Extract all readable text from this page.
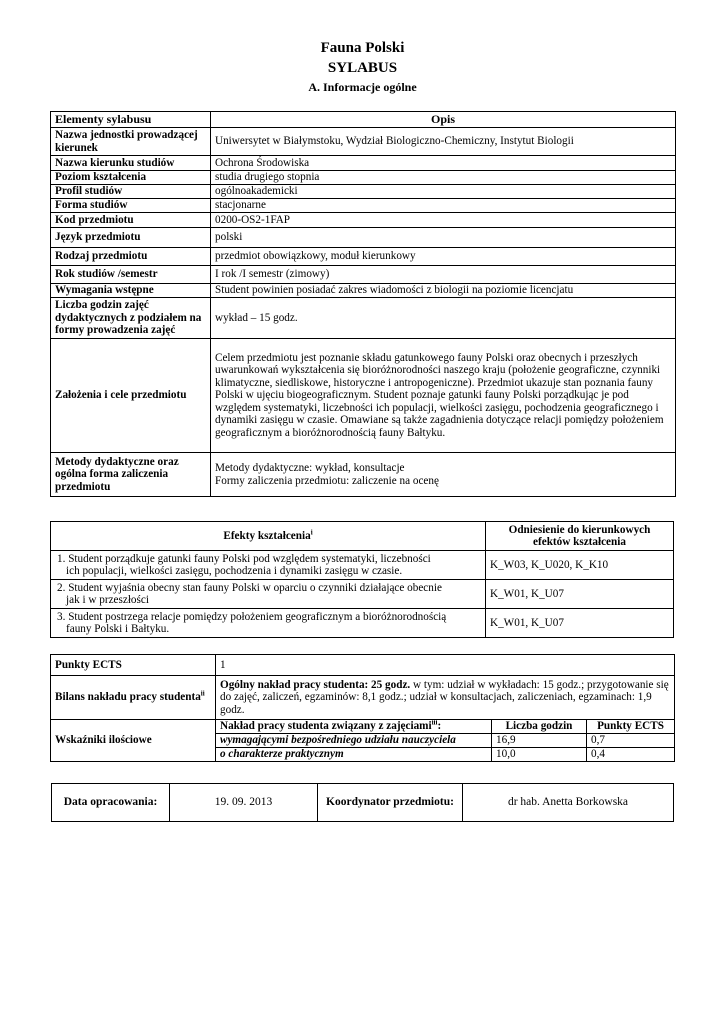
Fauna Polski
SYLABUS
A. Informacje ogólne
Elementy sylabusu	Opis
Nazwa jednostki prowadzącej kierunek	Uniwersytet w Białymstoku, Wydział Biologiczno-Chemiczny, Instytut Biologii
Nazwa kierunku studiów	Ochrona Środowiska
Poziom kształcenia	studia drugiego stopnia
Profil studiów	ogólnoakademicki
Forma studiów	stacjonarne
Kod przedmiotu	0200-OS2-1FAP
Język przedmiotu	polski
Rodzaj przedmiotu	przedmiot obowiązkowy, moduł kierunkowy
Rok studiów /semestr	I rok /I semestr (zimowy)
Wymagania wstępne	Student powinien posiadać zakres wiadomości z biologii na poziomie licencjatu
Liczba godzin zajęć dydaktycznych z podziałem na formy prowadzenia zajęć	wykład – 15 godz.
Założenia i cele przedmiotu	Celem przedmiotu jest poznanie składu gatunkowego fauny Polski oraz obecnych i przeszłych uwarunkowań wykształcenia się bioróżnorodności naszego kraju (położenie geograficzne, czynniki klimatyczne, siedliskowe, historyczne i antropogeniczne). Przedmiot ukazuje stan poznania fauny Polski w ujęciu biogeograficznym. Student poznaje gatunki fauny Polski porządkując je pod względem systematyki, liczebności ich populacji, wielkości zasięgu, pochodzenia geograficznego i dynamiki zasięgu w czasie. Omawiane są także zagadnienia dotyczące relacji pomiędzy położeniem geograficznym a bioróżnorodnością fauny Bałtyku.
Metody dydaktyczne oraz ogólna forma zaliczenia przedmiotu	Metody dydaktyczne: wykład, konsultacje
Formy zaliczenia przedmiotu: zaliczenie na ocenę
Efekty kształcenia$^i$	Odniesienie do kierunkowych efektów kształcenia
1. Student porządkuje gatunki fauny Polski pod względem systematyki, liczebności
ich populacji, wielkości zasięgu, pochodzenia i dynamiki zasięgu w czasie.	K_W03, K_U020, K_K10
2. Student wyjaśnia obecny stan fauny Polski w oparciu o czynniki działające obecnie
jak i w przeszłości	K_W01, K_U07
3. Student postrzega relacje pomiędzy położeniem geograficznym a bioróżnorodnością
fauny Polski i Bałtyku.	K_W01, K_U07
Punkty ECTS	1		
Bilans nakładu pracy studenta$^{ii}$	Ogólny nakład pracy studenta: 25 godz. w tym: udział w wykładach: 15 godz.; przygotowanie się do zajęć, zaliczeń, egzaminów: 8,1 godz.; udział w konsultacjach, zaliczeniach, egzaminach: 1,9 godz.		
Wskaźniki ilościowe	Nakład pracy studenta związany z zajęciami$^{iii}$:	Liczba godzin	Punkty ECTS
	wymagającymi bezpośredniego udziału nauczyciela	16,9	0,7
	o charakterze praktycznym	10,0	0,4
Data opracowania:	19. 09. 2013	Koordynator przedmiotu:	dr hab. Anetta Borkowska
